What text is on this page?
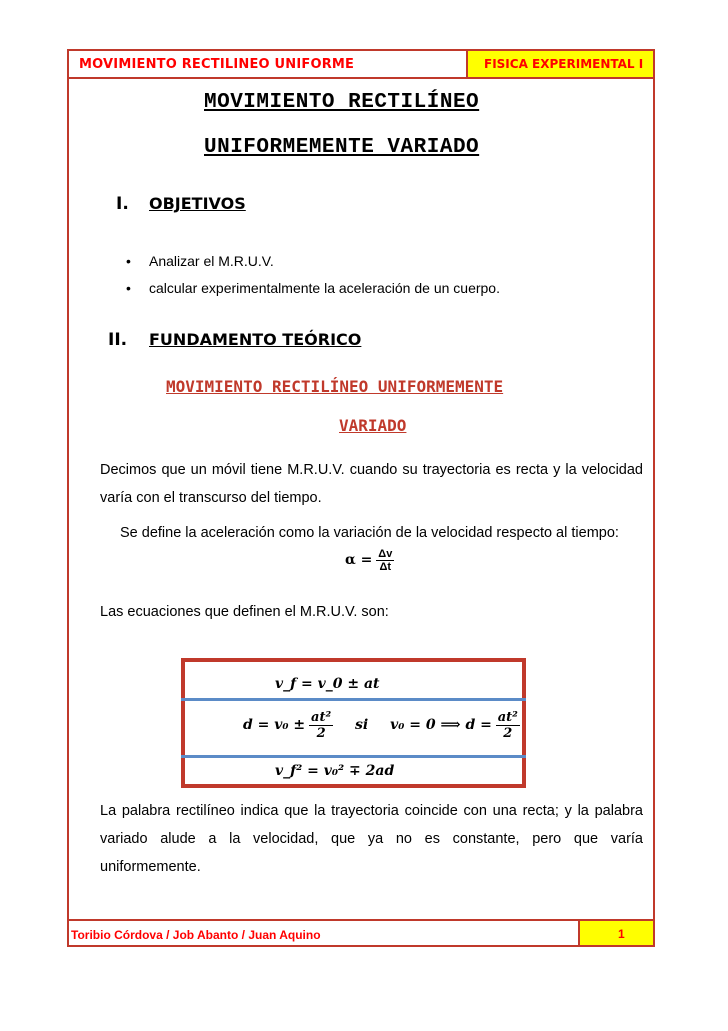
MOVIMIENTO RECTILINEO UNIFORME	FISICA EXPERIMENTAL I
MOVIMIENTO RECTILÍNEO
UNIFORMEMENTE VARIADO
I. OBJETIVOS
• Analizar el M.R.U.V.
• calcular experimentalmente la aceleración de un cuerpo.
II. FUNDAMENTO TEÓRICO
MOVIMIENTO RECTILÍNEO UNIFORMEMENTE
VARIADO
Decimos que un móvil tiene M.R.U.V. cuando su trayectoria es recta y la velocidad varía con el transcurso del tiempo.
Se define la aceleración como la variación de la velocidad respecto al tiempo:
$\alpha = \frac{\Delta v}{\Delta t}$
Las ecuaciones que definen el M.R.U.V. son:
v_f = v_0 ± at
$d = v_0 \pm \frac{\text{at²}}{2}$ si v₀ = 0 ⟹ $d = \frac{\text{at²}}{2}$
v_f² = v₀² ∓ 2ad
La palabra rectilíneo indica que la trayectoria coincide con una recta; y la palabra variado alude a la velocidad, que ya no es constante, pero que varía uniformemente.
Toribio Córdova / Job Abanto / Juan Aquino	1
